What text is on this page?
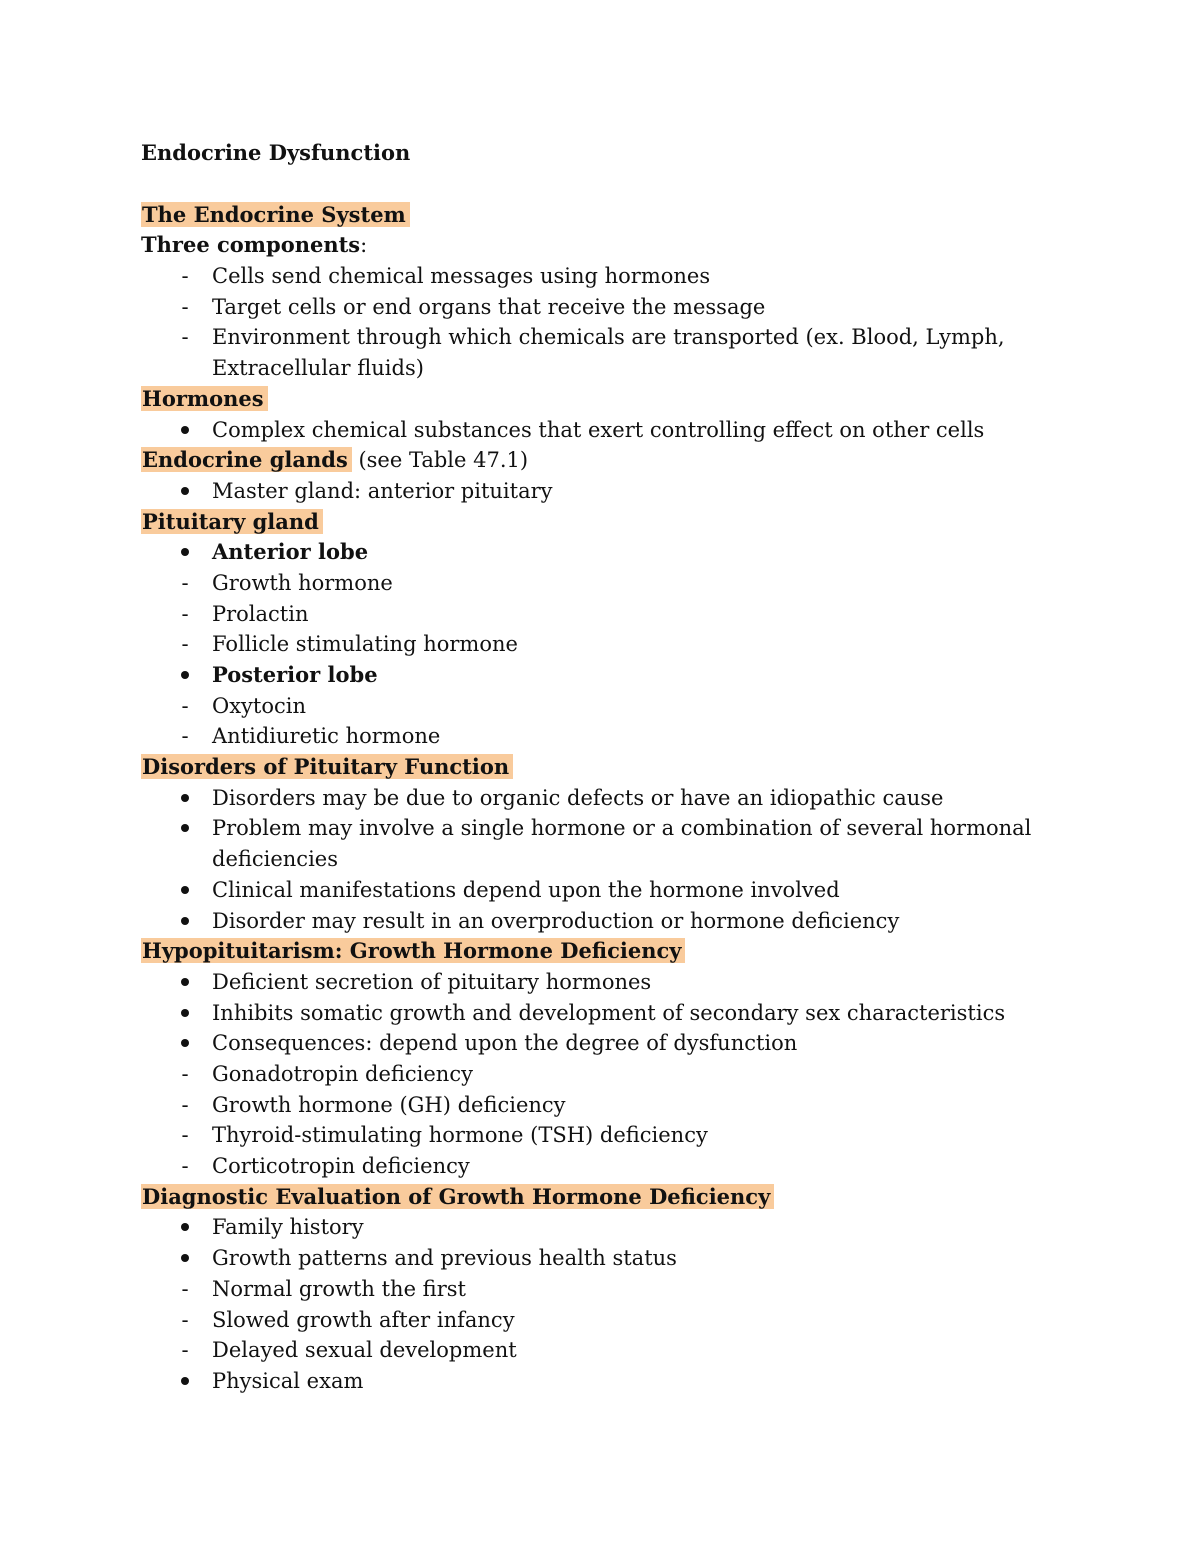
Endocrine Dysfunction
The Endocrine System
Three components:
-	Cells send chemical messages using hormones
-	Target cells or end organs that receive the message
-	Environment through which chemicals are transported (ex. Blood, Lymph, Extracellular fluids)
Hormones
Complex chemical substances that exert controlling effect on other cells
Endocrine glands (see Table 47.1)
Master gland: anterior pituitary
Pituitary gland
Anterior lobe
-	Growth hormone
-	Prolactin
-	Follicle stimulating hormone
Posterior lobe
-	Oxytocin
-	Antidiuretic hormone
Disorders of Pituitary Function
Disorders may be due to organic defects or have an idiopathic cause
Problem may involve a single hormone or a combination of several hormonal deficiencies
Clinical manifestations depend upon the hormone involved
Disorder may result in an overproduction or hormone deficiency
Hypopituitarism: Growth Hormone Deficiency
Deficient secretion of pituitary hormones
Inhibits somatic growth and development of secondary sex characteristics
Consequences: depend upon the degree of dysfunction
-	Gonadotropin deficiency
-	Growth hormone (GH) deficiency
-	Thyroid-stimulating hormone (TSH) deficiency
-	Corticotropin deficiency
Diagnostic Evaluation of Growth Hormone Deficiency
Family history
Growth patterns and previous health status
-	Normal growth the first
-	Slowed growth after infancy
-	Delayed sexual development
Physical exam
